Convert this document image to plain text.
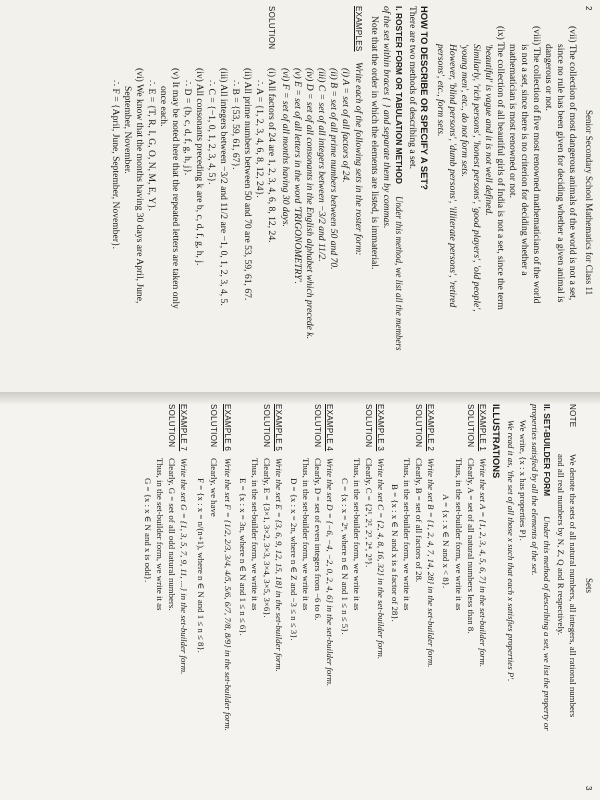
2
Senior Secondary School Mathematics for Class 11
(vii) The collection of most dangerous animals of the world is not a set,
since no rule has been given for deciding whether a given animal is
dangerous or not.
(viii) The collection of five most renowned mathematicians of the world
is not a set, since there is no criterion for deciding whether a
mathematician is most renowned or not.
(ix) The collection of all beautiful girls of India is not a set, since the term
'beautiful' is vague and it is not well defined.
Similarly, 'rich persons', 'honest persons', 'good players', 'old people',
'young men', etc., do not form sets.
However, 'blind persons', 'dumb persons', 'illiterate persons', 'retired
persons', etc., form sets.
HOW TO DESCRIBE OR SPECIFY A SET?
There are two methods of describing a set.
I. ROSTER FORM OR TABULATION METHOD
Under this method, we list all the members
of the set within braces { } and separate them by commas.
Note that the order in which the elements are listed, is immaterial.
EXAMPLES
Write each of the following sets in the roster form:
(i) A = set of all factors of 24.
(ii) B = set of all prime numbers between 50 and 70.
(iii) C = set of all integers between −3/2 and 11/2.
(iv) D = set of all consonants in the English alphabet which precede k.
(v) E = set of all letters in the word 'TRIGONOMETRY'.
(vi) F = set of all months having 30 days.
SOLUTION
(i) All factors of 24 are 1, 2, 3, 4, 6, 8, 12, 24.
∴ A = {1, 2, 3, 4, 6, 8, 12, 24}.
(ii) All prime numbers between 50 and 70 are 53, 59, 61, 67.
∴ B = {53, 59, 61, 67}.
(iii) All integers between −3/2 and 11/2 are −1, 0, 1, 2, 3, 4, 5.
∴ C = {−1, 0, 1, 2, 3, 4, 5}.
(iv) All consonants preceding k are b, c, d, f, g, h, j.
∴ D = {b, c, d, f, g, h, j}.
(v) It may be noted here that the repeated letters are taken only
once each.
∴ E = {T, R, I, G, O, N, M, E, Y}.
(vi) We know that the months having 30 days are April, June,
September, November.
∴ F = {April, June, September, November}.
Sets
3
NOTE
We denote the sets of all natural numbers, all integers, all rational numbers
and all real numbers by N, Z, Q and R respectively.
II. SET-BUILDER FORM
Under this method of describing a set, we list the property or
properties satisfied by all the elements of the set.
We write, {x : x has properties P}.
We read it as, 'the set of all those x such that each x satisfies properties P'.
ILLUSTRATIONS
EXAMPLE 1
Write the set A = {1, 2, 3, 4, 5, 6, 7} in the set-builder form.
SOLUTION
Clearly, A = set of all natural numbers less than 8.
Thus, in the set-builder form, we write it as
A = {x : x ∈ N and x < 8}.
EXAMPLE 2
Write the set B = {1, 2, 4, 7, 14, 28} in the set-builder form.
SOLUTION
Clearly, B = set of all factors of 28.
Thus, in the set-builder form, we write it as
B = {x : x ∈ N and x is a factor of 28}.
EXAMPLE 3
Write the set C = {2, 4, 8, 16, 32} in the set-builder form.
SOLUTION
Clearly, C = {2¹, 2², 2³, 2⁴, 2⁵}.
Thus, in the set-builder form, we write it as
C = {x : x = 2ⁿ, where n ∈ N and 1 ≤ n ≤ 5}.
EXAMPLE 4
Write the set D = {−6, −4, −2, 0, 2, 4, 6} in the set-builder form.
SOLUTION
Clearly, D = set of even integers from −6 to 6.
Thus, in the set-builder form, we write it as
D = {x : x = 2n, where n ∈ Z and −3 ≤ n ≤ 3}.
EXAMPLE 5
Write the set E = {3, 6, 9, 12, 15, 18} in the set-builder form.
SOLUTION
Clearly, E = {3×1, 3×2, 3×3, 3×4, 3×5, 3×6}.
Thus, in the set-builder form, we write it as
E = {x : x = 3n, where n ∈ N and 1 ≤ n ≤ 6}.
EXAMPLE 6
Write the set F = {1/2, 2/3, 3/4, 4/5, 5/6, 6/7, 7/8, 8/9} in the set-builder form.
SOLUTION
Clearly, we have
F = {x : x = n/(n+1), where n ∈ N and 1 ≤ n ≤ 8}.
EXAMPLE 7
Write the set G = {1, 3, 5, 7, 9, 11, ...} in the set-builder form.
SOLUTION
Clearly, G = set of all odd natural numbers.
Thus, in the set-builder form, we write it as
G = {x : x ∈ N and x is odd}.
